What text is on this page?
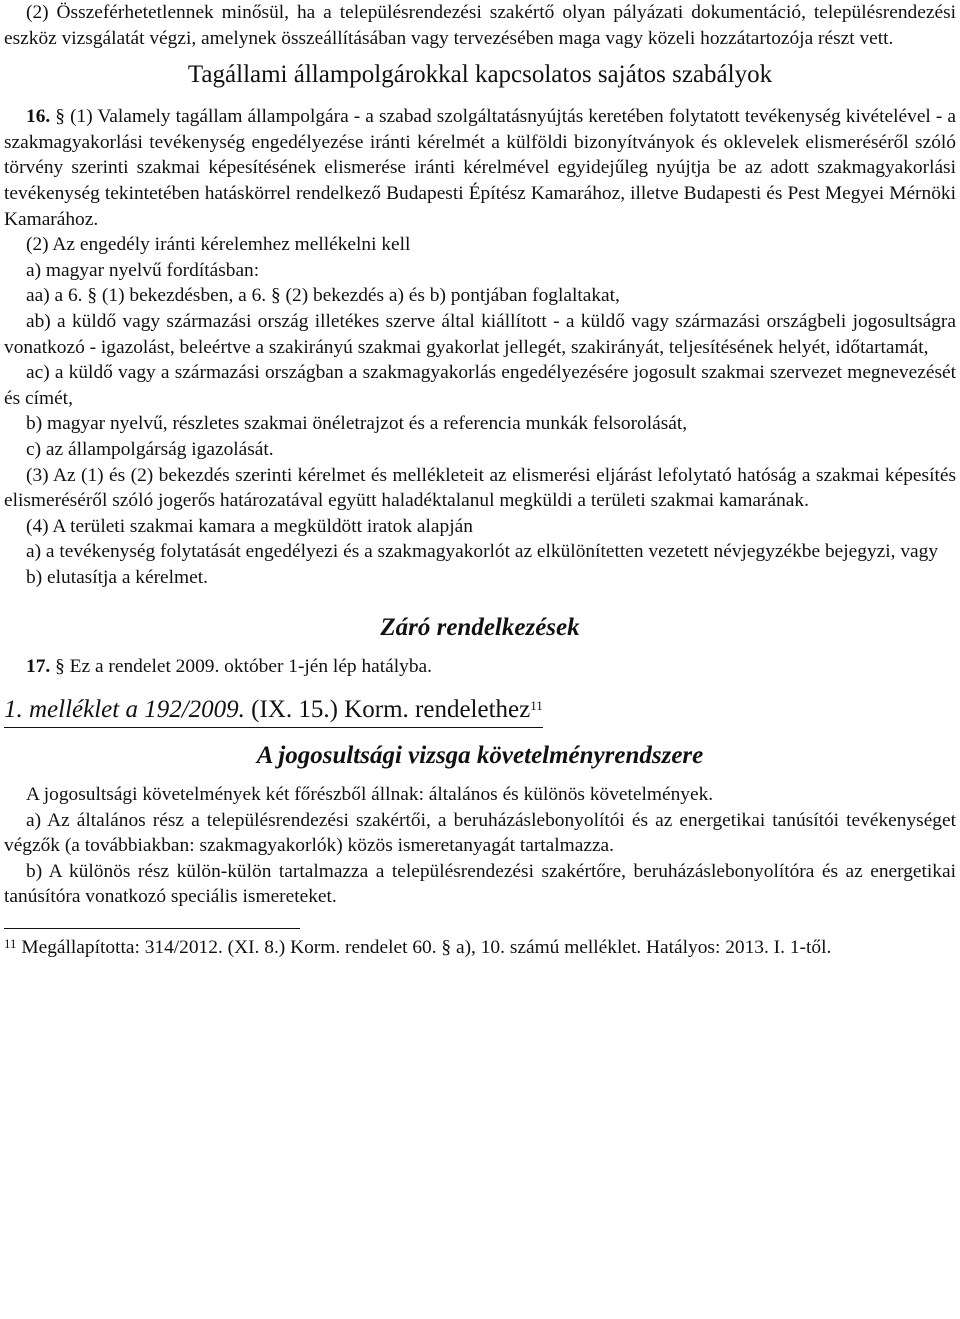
(2) Összeférhetetlennek minősül, ha a településrendezési szakértő olyan pályázati dokumentáció, településrendezési eszköz vizsgálatát végzi, amelynek összeállításában vagy tervezésében maga vagy közeli hozzátartozója részt vett.

Tagállami állampolgárokkal kapcsolatos sajátos szabályok

16. § (1) Valamely tagállam állampolgára - a szabad szolgáltatásnyújtás keretében folytatott tevékenység kivételével - a szakmagyakorlási tevékenység engedélyezése iránti kérelmét a külföldi bizonyítványok és oklevelek elismeréséről szóló törvény szerinti szakmai képesítésének elismerése iránti kérelmével egyidejűleg nyújtja be az adott szakmagyakorlási tevékenység tekintetében hatáskörrel rendelkező Budapesti Építész Kamarához, illetve Budapesti és Pest Megyei Mérnöki Kamarához.

(2) Az engedély iránti kérelemhez mellékelni kell

a) magyar nyelvű fordításban:

aa) a 6. § (1) bekezdésben, a 6. § (2) bekezdés a) és b) pontjában foglaltakat,

ab) a küldő vagy származási ország illetékes szerve által kiállított - a küldő vagy származási országbeli jogosultságra vonatkozó - igazolást, beleértve a szakirányú szakmai gyakorlat jellegét, szakirányát, teljesítésének helyét, időtartamát,

ac) a küldő vagy a származási országban a szakmagyakorlás engedélyezésére jogosult szakmai szervezet megnevezését és címét,

b) magyar nyelvű, részletes szakmai önéletrajzot és a referencia munkák felsorolását,

c) az állampolgárság igazolását.

(3) Az (1) és (2) bekezdés szerinti kérelmet és mellékleteit az elismerési eljárást lefolytató hatóság a szakmai képesítés elismeréséről szóló jogerős határozatával együtt haladéktalanul megküldi a területi szakmai kamarának.

(4) A területi szakmai kamara a megküldött iratok alapján

a) a tevékenység folytatását engedélyezi és a szakmagyakorlót az elkülönítetten vezetett névjegyzékbe bejegyzi, vagy

b) elutasítja a kérelmet.

Záró rendelkezések

17. § Ez a rendelet 2009. október 1-jén lép hatályba.

1. melléklet a 192/2009. (IX. 15.) Korm. rendelethez$^{11}$
A jogosultsági vizsga követelményrendszere

A jogosultsági követelmények két főrészből állnak: általános és különös követelmények.

a) Az általános rész a településrendezési szakértői, a beruházáslebonyolítói és az energetikai tanúsítói tevékenységet végzők (a továbbiakban: szakmagyakorlók) közös ismeretanyagát tartalmazza.

b) A különös rész külön-külön tartalmazza a településrendezési szakértőre, beruházáslebonyolítóra és az energetikai tanúsítóra vonatkozó speciális ismereteket.

$^{11}$ Megállapította: 314/2012. (XI. 8.) Korm. rendelet 60. § a), 10. számú melléklet. Hatályos: 2013. I. 1-től.
